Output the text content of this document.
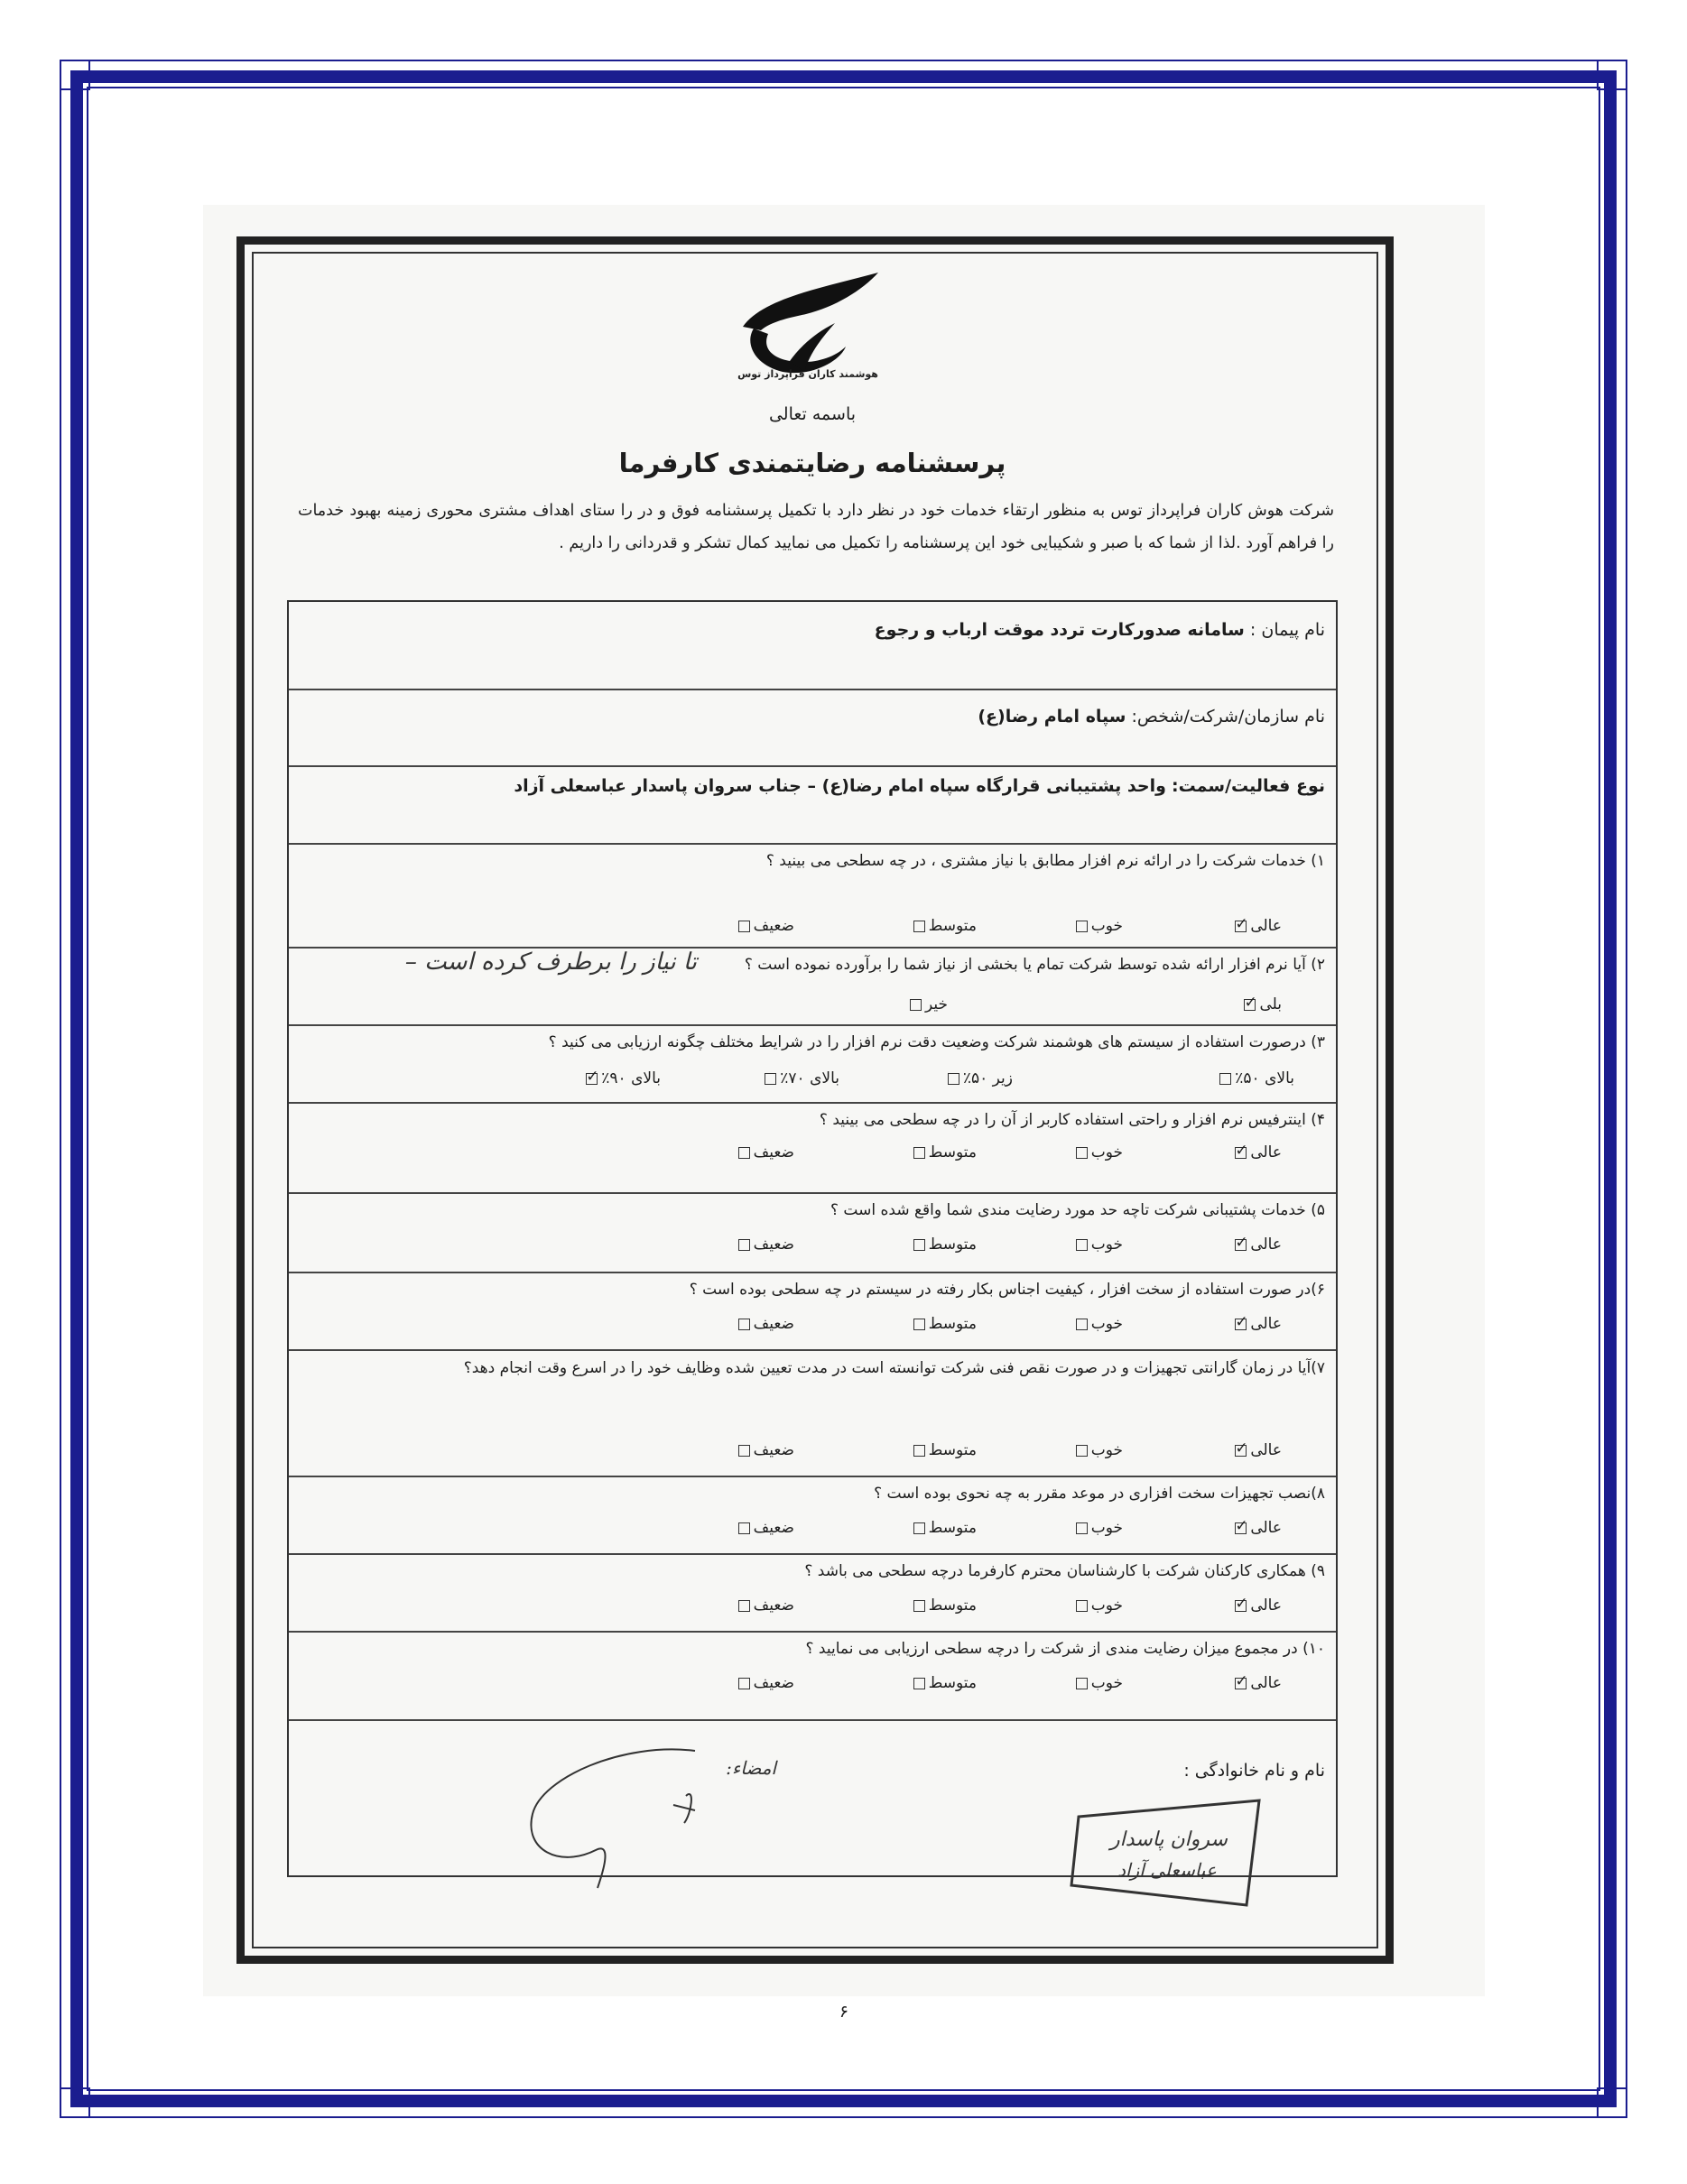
هوشمند کاران فراپرداز توس
باسمه تعالی
پرسشنامه رضایتمندی کارفرما
شرکت هوش کاران فراپرداز توس به منظور ارتقاء خدمات خود در نظر دارد با تکمیل پرسشنامه فوق و در را ستای اهداف مشتری محوری زمینه بهبود خدمات را فراهم آورد .لذا از شما که با صبر و شکیبایی خود این پرسشنامه را تکمیل می نمایید کمال تشکر و قدردانی را داریم .
نام پیمان : سامانه صدورکارت تردد موقت ارباب و رجوع
نام سازمان/شرکت/شخص: سپاه امام رضا(ع)
نوع فعالیت/سمت: واحد پشتیبانی قرارگاه سپاه امام رضا(ع) – جناب سروان پاسدار عباسعلی آزاد
۱) خدمات شرکت را در ارائه نرم افزار مطابق با نیاز مشتری ، در چه سطحی می بینید ؟
عالی✓
خوب
متوسط
ضعیف
۲) آیا نرم افزار ارائه شده توسط شرکت تمام یا بخشی از نیاز شما را برآورده نموده است ؟
تا نیاز را برطرف کرده است –
بلی✓
خیر
۳) درصورت استفاده از سیستم های هوشمند شرکت وضعیت دقت نرم افزار را در شرایط مختلف چگونه ارزیابی می کنید ؟
بالای ۵۰٪
زیر ۵۰٪
بالای ۷۰٪
بالای ۹۰٪✓
۴) اینترفیس نرم افزار و راحتی استفاده کاربر از آن را در چه سطحی می بینید ؟
عالی✓
خوب
متوسط
ضعیف
۵) خدمات پشتیبانی شرکت تاچه حد مورد رضایت مندی شما واقع شده است ؟
عالی✓
خوب
متوسط
ضعیف
۶)در صورت استفاده از سخت افزار ، کیفیت اجناس بکار رفته در سیستم در چه سطحی بوده است ؟
عالی✓
خوب
متوسط
ضعیف
۷)آیا در زمان گارانتی تجهیزات و در صورت نقص فنی شرکت توانسته است در مدت تعیین شده وظایف خود را در اسرع وقت انجام دهد؟
عالی✓
خوب
متوسط
ضعیف
۸)نصب تجهیزات سخت افزاری در موعد مقرر به چه نحوی بوده است ؟
عالی✓
خوب
متوسط
ضعیف
۹) همکاری کارکنان شرکت با کارشناسان محترم کارفرما درچه سطحی می باشد ؟
عالی✓
خوب
متوسط
ضعیف
۱۰) در مجموع میزان رضایت مندی از شرکت را درچه سطحی ارزیابی می نمایید ؟
عالی✓
خوب
متوسط
ضعیف
نام و نام خانوادگی :
امضاء:
سروان پاسدار
عباسعلی آزاد
۶
